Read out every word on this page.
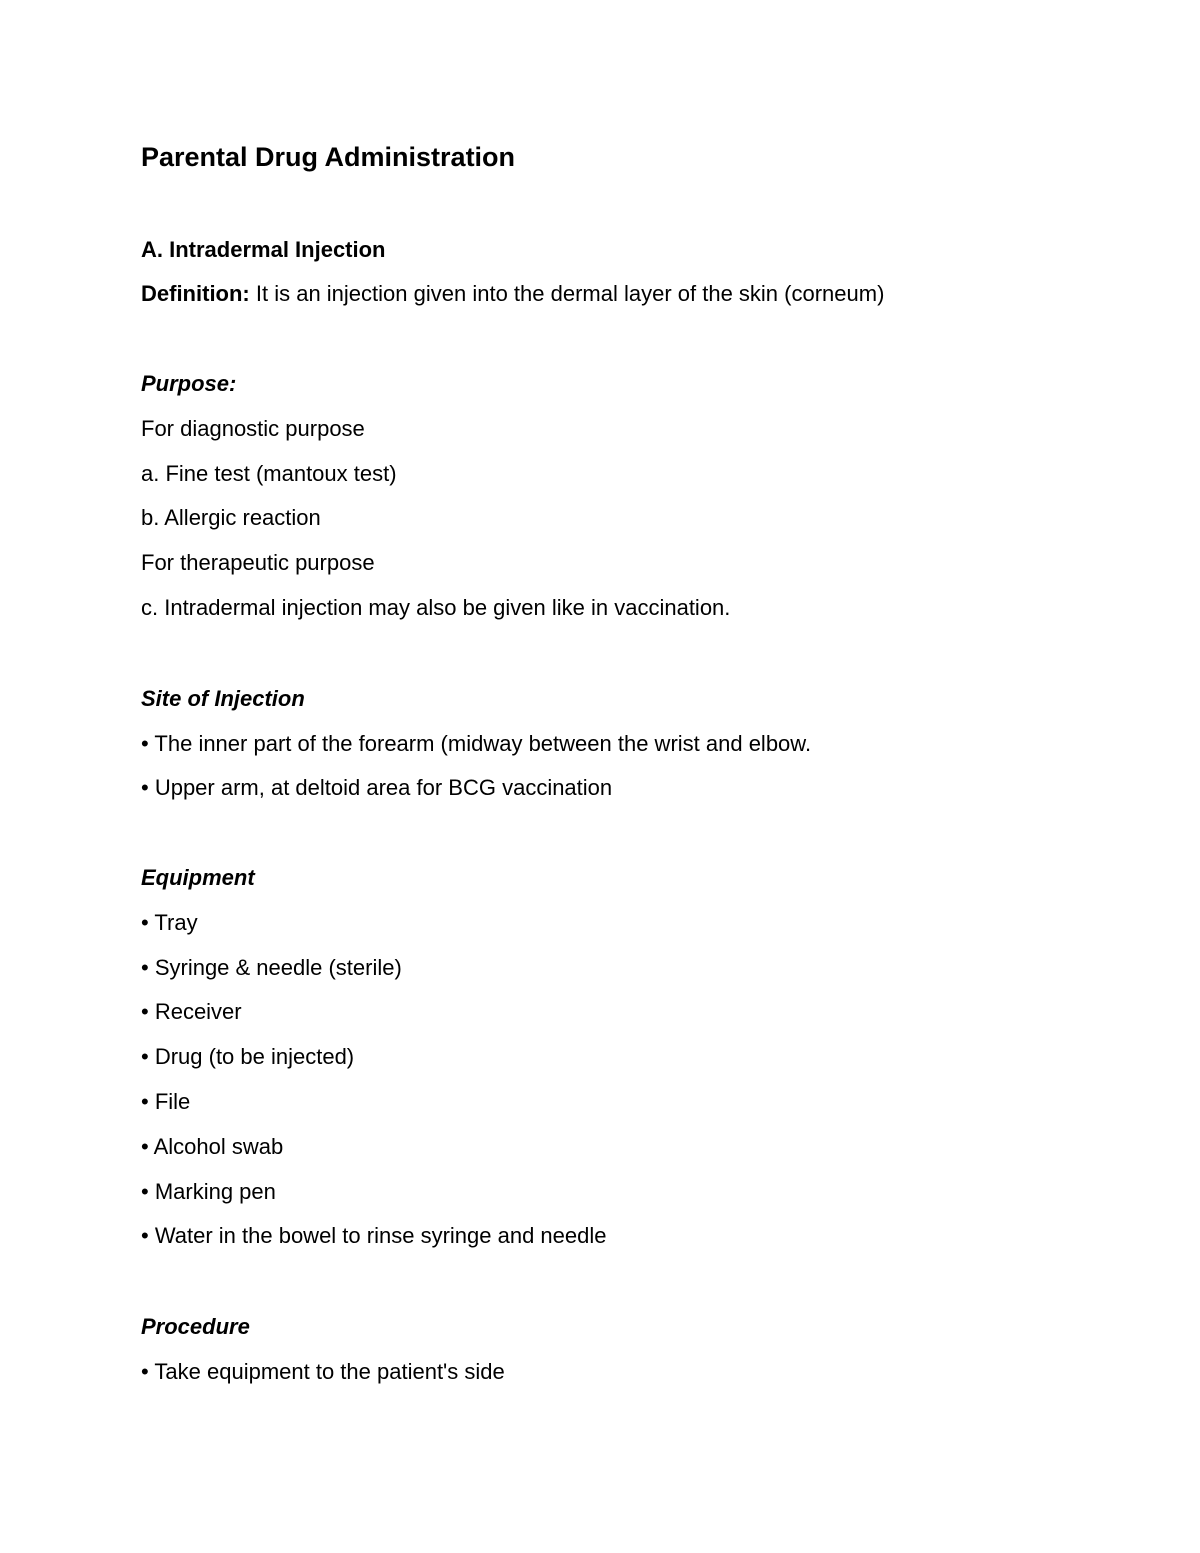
Parental Drug Administration
A. Intradermal Injection
Definition: It is an injection given into the dermal layer of the skin (corneum)
Purpose:
For diagnostic purpose
a. Fine test (mantoux test)
b. Allergic reaction
For therapeutic purpose
c. Intradermal injection may also be given like in vaccination.
Site of Injection
• The inner part of the forearm (midway between the wrist and elbow.
• Upper arm, at deltoid area for BCG vaccination
Equipment
• Tray
• Syringe & needle (sterile)
• Receiver
• Drug (to be injected)
• File
• Alcohol swab
• Marking pen
• Water in the bowel to rinse syringe and needle
Procedure
• Take equipment to the patient's side
